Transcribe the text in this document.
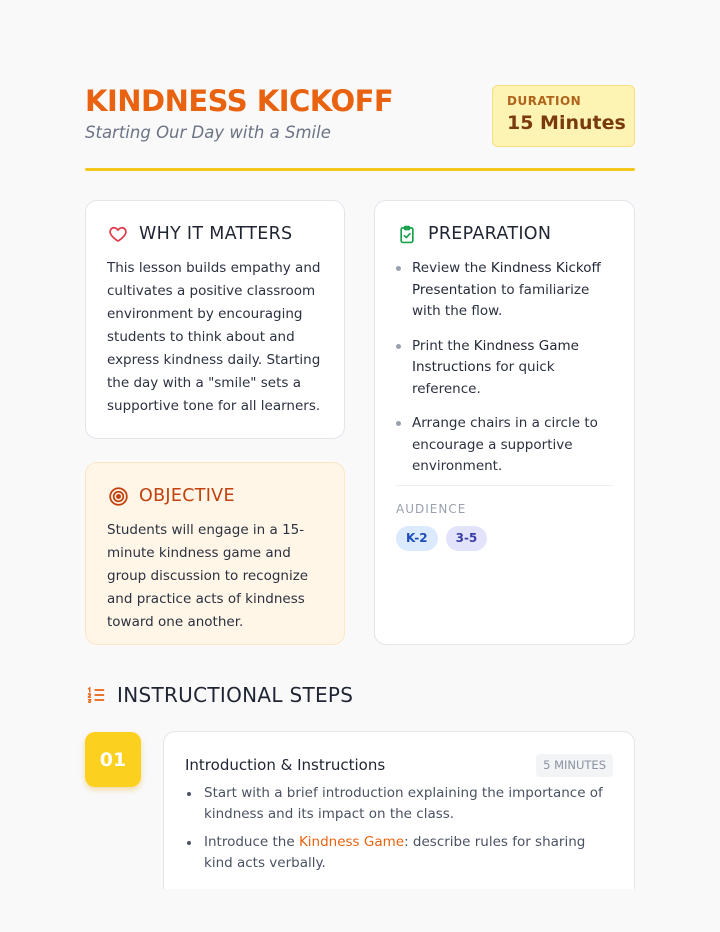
KINDNESS KICKOFF
Starting Our Day with a Smile
DURATION
15 Minutes
WHY IT MATTERS

This lesson builds empathy and cultivates a positive classroom environment by encouraging students to think about and express kindness daily. Starting the day with a "smile" sets a supportive tone for all learners.

OBJECTIVE

Students will engage in a 15-minute kindness game and group discussion to recognize and practice acts of kindness toward one another.

PREPARATION
Review the Kindness Kickoff Presentation to familiarize with the flow.
Print the Kindness Game Instructions for quick reference.
Arrange chairs in a circle to encourage a supportive environment.
AUDIENCE
K-2	3-5
INSTRUCTIONAL STEPS
01	Introduction & Instructions	5 MINUTES
Start with a brief introduction explaining the importance of kindness and its impact on the class.
Introduce the Kindness Game: describe rules for sharing kind acts verbally.
